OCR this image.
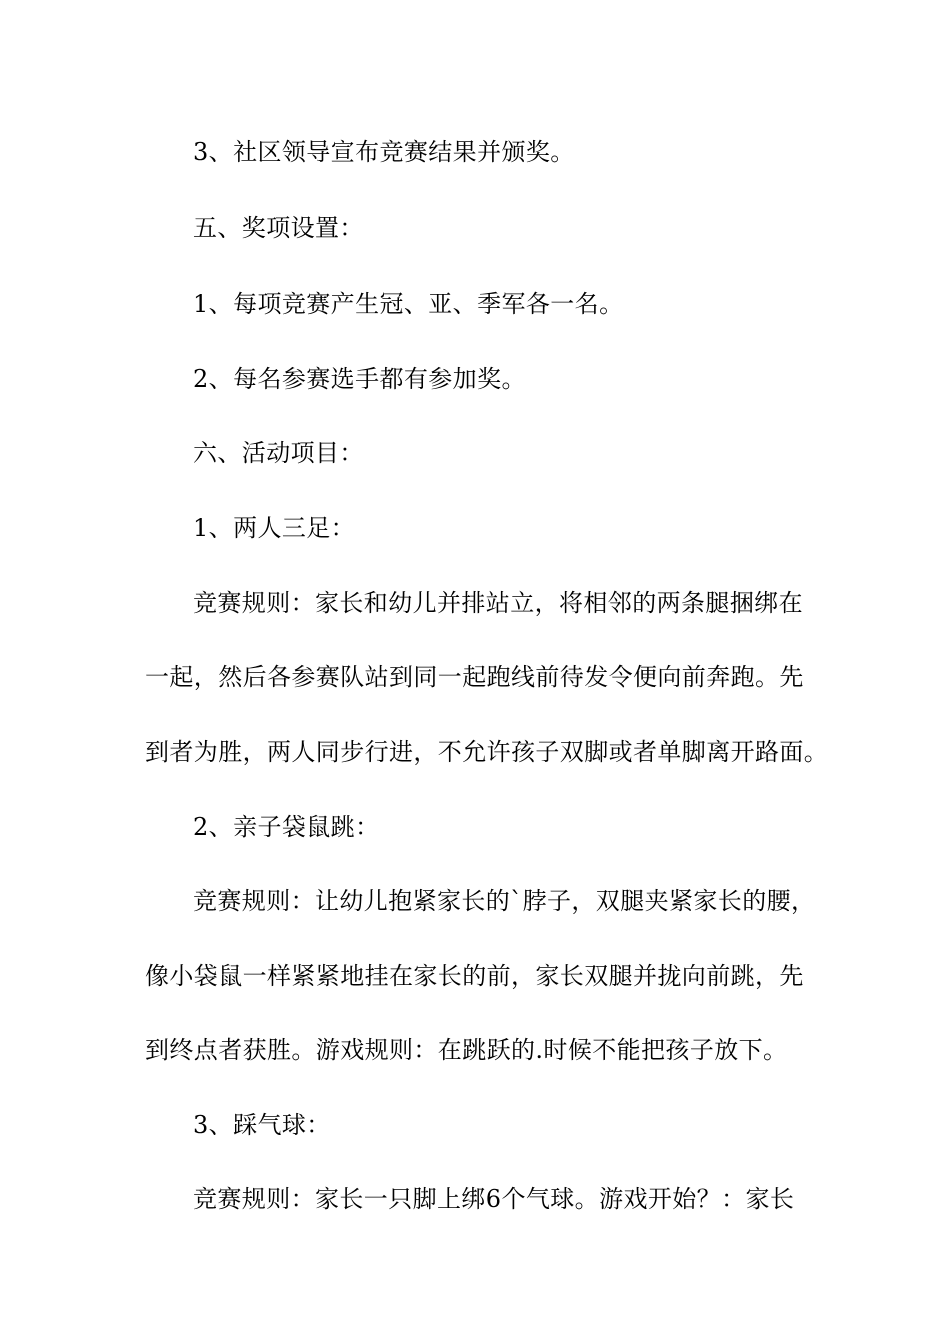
3、社区领导宣布竞赛结果并颁奖。
五、奖项设置：
1、每项竞赛产生冠、亚、季军各一名。
2、每名参赛选手都有参加奖。
六、活动项目：
1、两人三足：
竞赛规则：家长和幼儿并排站立，将相邻的两条腿捆绑在
一起，然后各参赛队站到同一起跑线前待发令便向前奔跑。先
到者为胜，两人同步行进，不允许孩子双脚或者单脚离开路面。
2、亲子袋鼠跳：
竞赛规则：让幼儿抱紧家长的`脖子，双腿夹紧家长的腰，
像小袋鼠一样紧紧地挂在家长的前，家长双腿并拢向前跳，先
到终点者获胜。游戏规则：在跳跃的.时候不能把孩子放下。
3、踩气球：
竞赛规则：家长一只脚上绑6个气球。游戏开始？：家长
